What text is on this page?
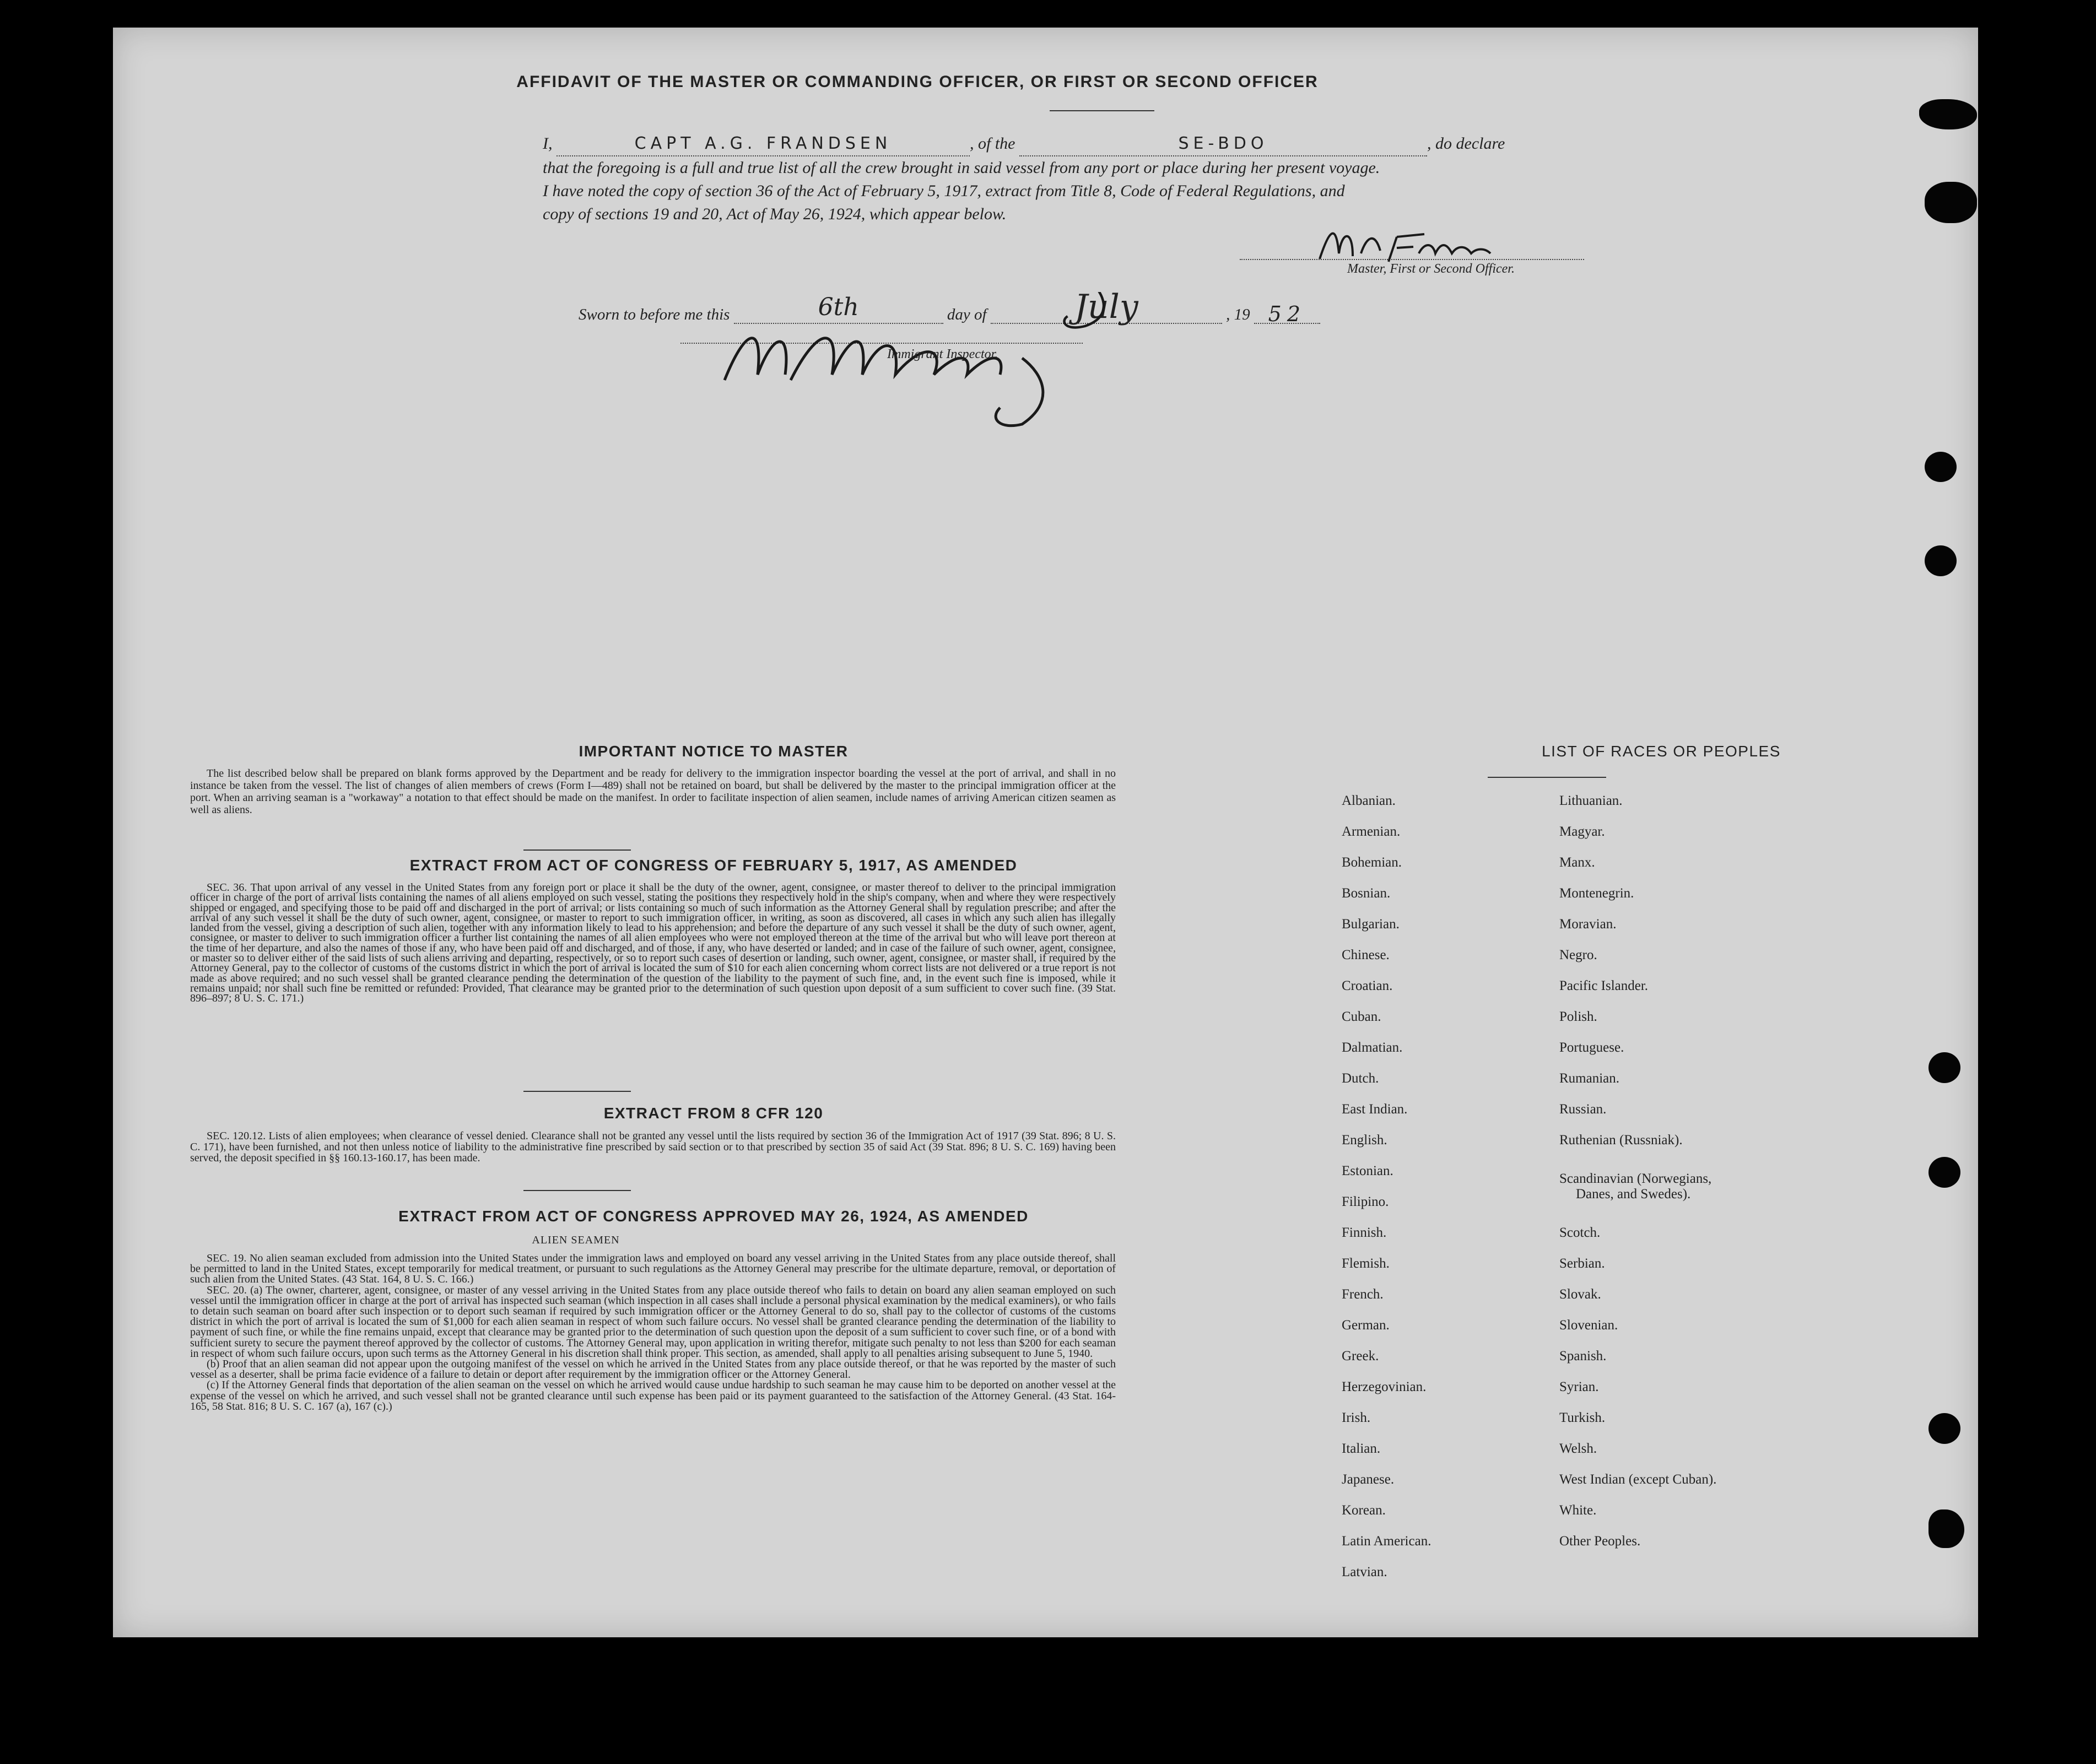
AFFIDAVIT OF THE MASTER OR COMMANDING OFFICER, OR FIRST OR SECOND OFFICER
I,	CAPT A.G. FRANDSEN	, of the	SE-BDO	, do declare
that the foregoing is a full and true list of all the crew brought in said vessel from any port or place during her present voyage.
I have noted the copy of section 36 of the Act of February 5, 1917, extract from Title 8, Code of Federal Regulations, and
copy of sections 19 and 20, Act of May 26, 1924, which appear below.
Sworn to before me this	6th	day of	July	, 19 52
Master, First or Second Officer.
Immigrant Inspector.
IMPORTANT NOTICE TO MASTER

The list described below shall be prepared on blank forms approved by the Department and be ready for delivery to the immigration inspector boarding the vessel at the port of arrival, and shall in no instance be taken from the vessel. The list of changes of alien members of crews (Form I—489) shall not be retained on board, but shall be delivered by the master to the principal immigration officer at the port. When an arriving seaman is a "workaway" a notation to that effect should be made on the manifest. In order to facilitate inspection of alien seamen, include names of arriving American citizen seamen as well as aliens.

EXTRACT FROM ACT OF CONGRESS OF FEBRUARY 5, 1917, AS AMENDED

SEC. 36. That upon arrival of any vessel in the United States from any foreign port or place it shall be the duty of the owner, agent, consignee, or master thereof to deliver to the principal immigration officer in charge of the port of arrival lists containing the names of all aliens employed on such vessel, stating the positions they respectively hold in the ship's company, when and where they were respectively shipped or engaged, and specifying those to be paid off and discharged in the port of arrival; or lists containing so much of such information as the Attorney General shall by regulation prescribe; and after the arrival of any such vessel it shall be the duty of such owner, agent, consignee, or master to report to such immigration officer, in writing, as soon as discovered, all cases in which any such alien has illegally landed from the vessel, giving a description of such alien, together with any information likely to lead to his apprehension; and before the departure of any such vessel it shall be the duty of such owner, agent, consignee, or master to deliver to such immigration officer a further list containing the names of all alien employees who were not employed thereon at the time of the arrival but who will leave port thereon at the time of her departure, and also the names of those if any, who have been paid off and discharged, and of those, if any, who have deserted or landed; and in case of the failure of such owner, agent, consignee, or master so to deliver either of the said lists of such aliens arriving and departing, respectively, or so to report such cases of desertion or landing, such owner, agent, consignee, or master shall, if required by the Attorney General, pay to the collector of customs of the customs district in which the port of arrival is located the sum of $10 for each alien concerning whom correct lists are not delivered or a true report is not made as above required; and no such vessel shall be granted clearance pending the determination of the question of the liability to the payment of such fine, and, in the event such fine is imposed, while it remains unpaid; nor shall such fine be remitted or refunded: Provided, That clearance may be granted prior to the determination of such question upon deposit of a sum sufficient to cover such fine. (39 Stat. 896–897; 8 U. S. C. 171.)

EXTRACT FROM 8 CFR 120

SEC. 120.12. Lists of alien employees; when clearance of vessel denied. Clearance shall not be granted any vessel until the lists required by section 36 of the Immigration Act of 1917 (39 Stat. 896; 8 U. S. C. 171), have been furnished, and not then unless notice of liability to the administrative fine prescribed by said section or to that prescribed by section 35 of said Act (39 Stat. 896; 8 U. S. C. 169) having been served, the deposit specified in §§ 160.13-160.17, has been made.

EXTRACT FROM ACT OF CONGRESS APPROVED MAY 26, 1924, AS AMENDED
ALIEN SEAMEN

SEC. 19. No alien seaman excluded from admission into the United States under the immigration laws and employed on board any vessel arriving in the United States from any place outside thereof, shall be permitted to land in the United States, except temporarily for medical treatment, or pursuant to such regulations as the Attorney General may prescribe for the ultimate departure, removal, or deportation of such alien from the United States. (43 Stat. 164, 8 U. S. C. 166.)

SEC. 20. (a) The owner, charterer, agent, consignee, or master of any vessel arriving in the United States from any place outside thereof who fails to detain on board any alien seaman employed on such vessel until the immigration officer in charge at the port of arrival has inspected such seaman (which inspection in all cases shall include a personal physical examination by the medical examiners), or who fails to detain such seaman on board after such inspection or to deport such seaman if required by such immigration officer or the Attorney General to do so, shall pay to the collector of customs of the customs district in which the port of arrival is located the sum of $1,000 for each alien seaman in respect of whom such failure occurs. No vessel shall be granted clearance pending the determination of the liability to payment of such fine, or while the fine remains unpaid, except that clearance may be granted prior to the determination of such question upon the deposit of a sum sufficient to cover such fine, or of a bond with sufficient surety to secure the payment thereof approved by the collector of customs. The Attorney General may, upon application in writing therefor, mitigate such penalty to not less than $200 for each seaman in respect of whom such failure occurs, upon such terms as the Attorney General in his discretion shall think proper. This section, as amended, shall apply to all penalties arising subsequent to June 5, 1940.

(b) Proof that an alien seaman did not appear upon the outgoing manifest of the vessel on which he arrived in the United States from any place outside thereof, or that he was reported by the master of such vessel as a deserter, shall be prima facie evidence of a failure to detain or deport after requirement by the immigration officer or the Attorney General.

(c) If the Attorney General finds that deportation of the alien seaman on the vessel on which he arrived would cause undue hardship to such seaman he may cause him to be deported on another vessel at the expense of the vessel on which he arrived, and such vessel shall not be granted clearance until such expense has been paid or its payment guaranteed to the satisfaction of the Attorney General. (43 Stat. 164-165, 58 Stat. 816; 8 U. S. C. 167 (a), 167 (c).)

LIST OF RACES OR PEOPLES
Albanian.
Armenian.
Bohemian.
Bosnian.
Bulgarian.
Chinese.
Croatian.
Cuban.
Dalmatian.
Dutch.
East Indian.
English.
Estonian.
Filipino.
Finnish.
Flemish.
French.
German.
Greek.
Herzegovinian.
Irish.
Italian.
Japanese.
Korean.
Latin American.
Latvian.
Lithuanian.
Magyar.
Manx.
Montenegrin.
Moravian.
Negro.
Pacific Islander.
Polish.
Portuguese.
Rumanian.
Russian.
Ruthenian (Russniak).
Scandinavian (Norwegians,
Danes, and Swedes).
Scotch.
Serbian.
Slovak.
Slovenian.
Spanish.
Syrian.
Turkish.
Welsh.
West Indian (except Cuban).
White.
Other Peoples.
